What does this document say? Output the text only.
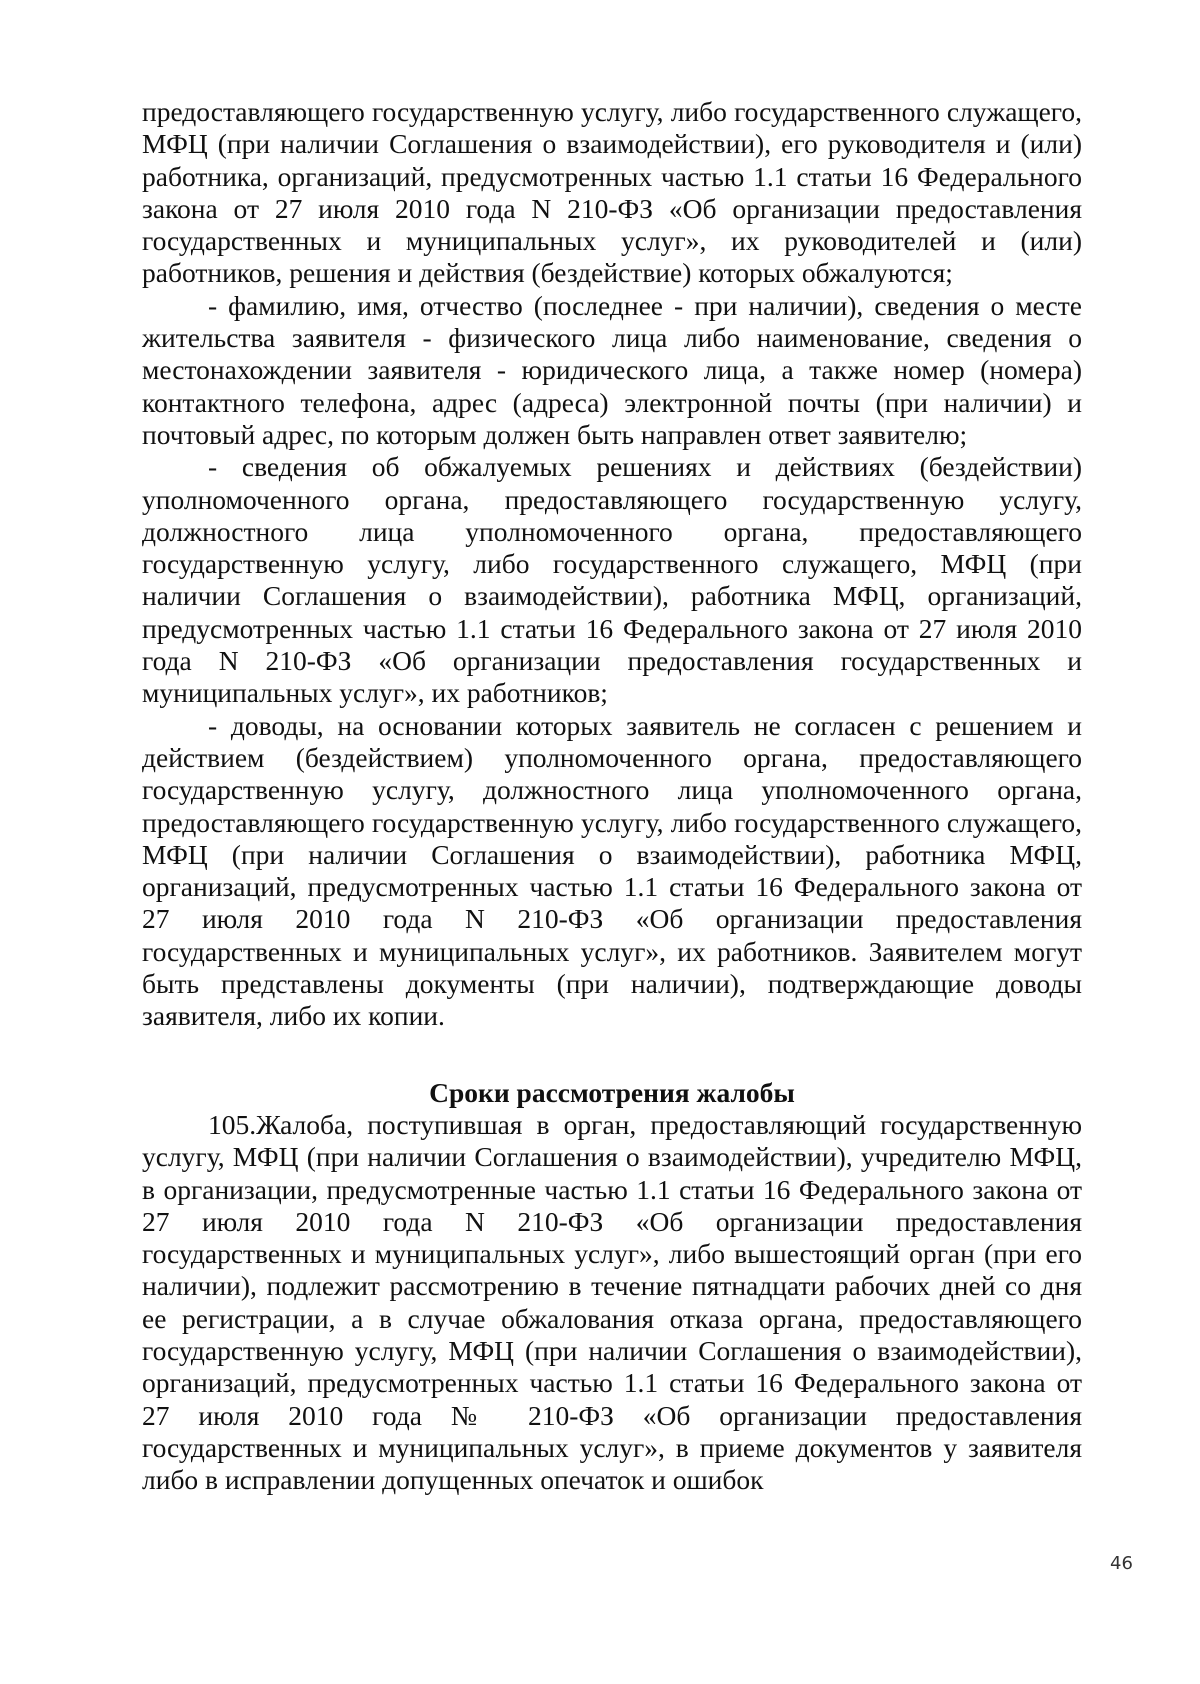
предоставляющего государственную услугу, либо государственного служащего, МФЦ (при наличии Соглашения о взаимодействии), его руководителя и (или) работника, организаций, предусмотренных частью 1.1 статьи 16 Федерального закона от 27 июля 2010 года N 210-ФЗ «Об организации предоставления государственных и муниципальных услуг», их руководителей и (или) работников, решения и действия (бездействие) которых обжалуются;

- фамилию, имя, отчество (последнее - при наличии), сведения о месте жительства заявителя - физического лица либо наименование, сведения о местонахождении заявителя - юридического лица, а также номер (номера) контактного телефона, адрес (адреса) электронной почты (при наличии) и почтовый адрес, по которым должен быть направлен ответ заявителю;

- сведения об обжалуемых решениях и действиях (бездействии) уполномоченного органа, предоставляющего государственную услугу, должностного лица уполномоченного органа, предоставляющего государственную услугу, либо государственного служащего, МФЦ (при наличии Соглашения о взаимодействии), работника МФЦ, организаций, предусмотренных частью 1.1 статьи 16 Федерального закона от 27 июля 2010 года N 210-ФЗ «Об организации предоставления государственных и муниципальных услуг», их работников;

- доводы, на основании которых заявитель не согласен с решением и действием (бездействием) уполномоченного органа, предоставляющего государственную услугу, должностного лица уполномоченного органа, предоставляющего государственную услугу, либо государственного служащего, МФЦ (при наличии Соглашения о взаимодействии), работника МФЦ, организаций, предусмотренных частью 1.1 статьи 16 Федерального закона от 27 июля 2010 года N 210-ФЗ «Об организации предоставления государственных и муниципальных услуг», их работников. Заявителем могут быть представлены документы (при наличии), подтверждающие доводы заявителя, либо их копии.

Сроки рассмотрения жалобы

105.Жалоба, поступившая в орган, предоставляющий государственную услугу, МФЦ (при наличии Соглашения о взаимодействии), учредителю МФЦ, в организации, предусмотренные частью 1.1 статьи 16 Федерального закона от 27 июля 2010 года N 210-ФЗ «Об организации предоставления государственных и муниципальных услуг», либо вышестоящий орган (при его наличии), подлежит рассмотрению в течение пятнадцати рабочих дней со дня ее регистрации, а в случае обжалования отказа органа, предоставляющего государственную услугу, МФЦ (при наличии Соглашения о взаимодействии), организаций, предусмотренных частью 1.1 статьи 16 Федерального закона от 27 июля 2010 года № 210-ФЗ «Об организации предоставления государственных и муниципальных услуг», в приеме документов у заявителя либо в исправлении допущенных опечаток и ошибок

46
